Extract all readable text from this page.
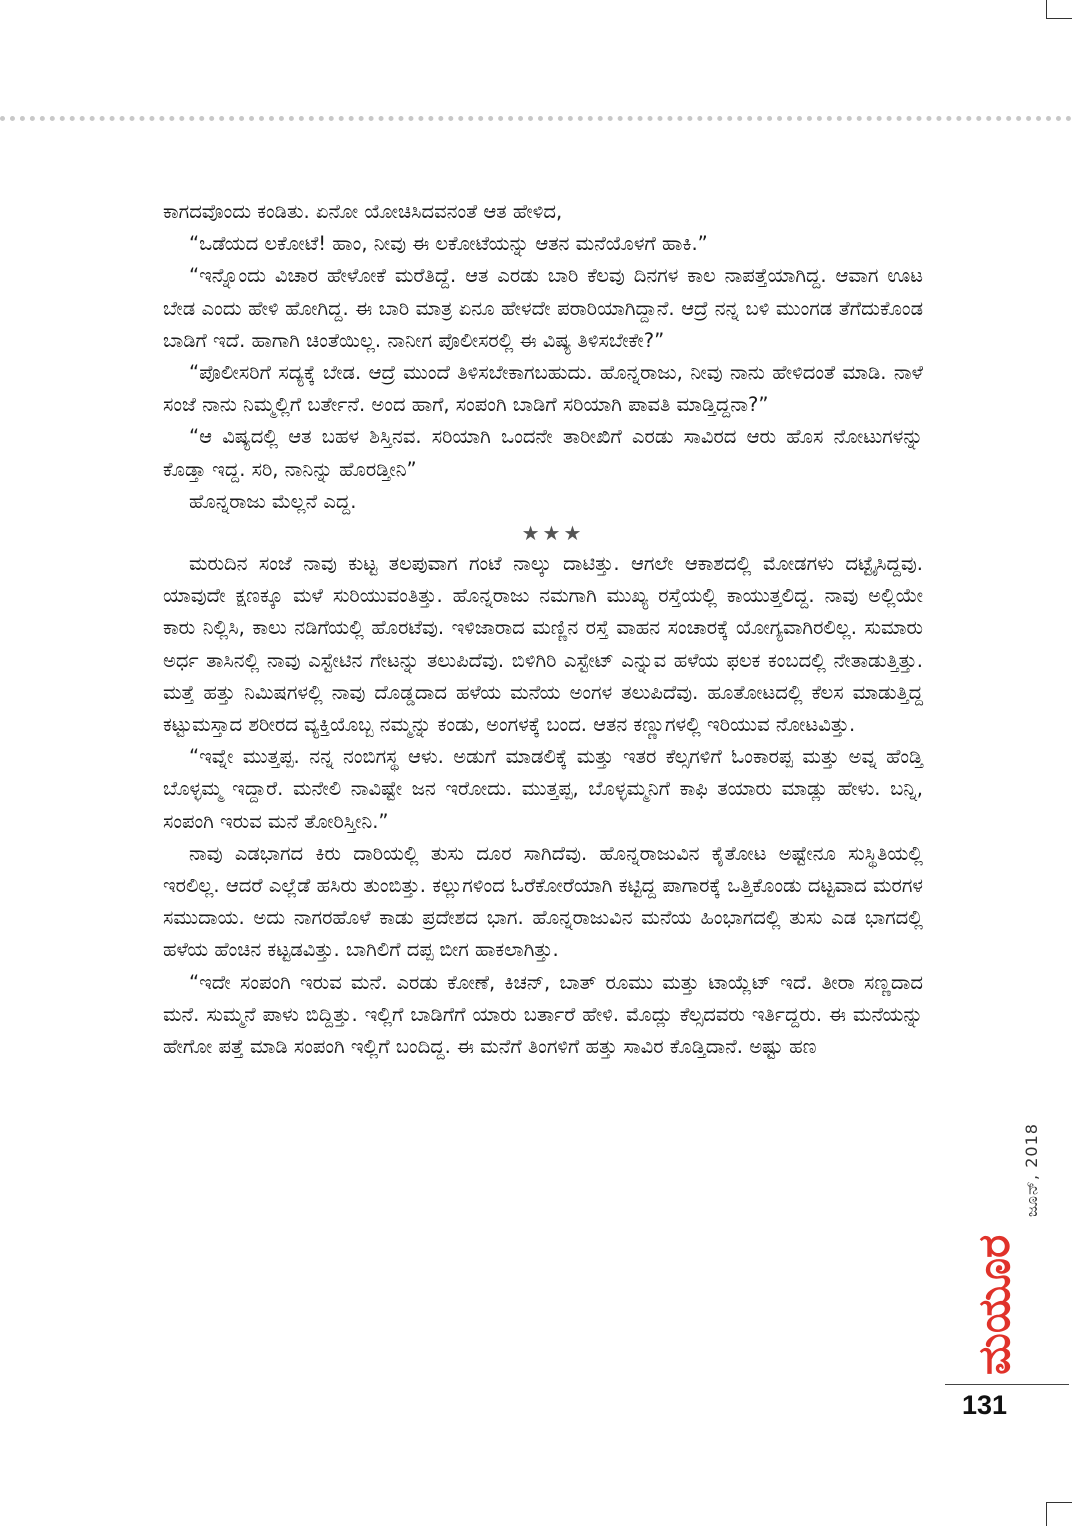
ಕಾಗದವೊಂದು ಕಂಡಿತು. ಏನೋ ಯೋಚಿಸಿದವನಂತೆ ಆತ ಹೇಳಿದ,

“ಒಡೆಯದ ಲಕೋಟೆ! ಹಾಂ, ನೀವು ಈ ಲಕೋಟೆಯನ್ನು ಆತನ ಮನೆಯೊಳಗೆ ಹಾಕಿ.”

“ಇನ್ನೊಂದು ವಿಚಾರ ಹೇಳೋಕೆ ಮರೆತಿದ್ದೆ. ಆತ ಎರಡು ಬಾರಿ ಕೆಲವು ದಿನಗಳ ಕಾಲ ನಾಪತ್ತೆಯಾಗಿದ್ದ. ಆವಾಗ ಊಟ ಬೇಡ ಎಂದು ಹೇಳಿ ಹೋಗಿದ್ದ. ಈ ಬಾರಿ ಮಾತ್ರ ಏನೂ ಹೇಳದೇ ಪರಾರಿಯಾಗಿದ್ದಾನೆ. ಆದ್ರೆ ನನ್ನ ಬಳಿ ಮುಂಗಡ ತೆಗೆದುಕೊಂಡ ಬಾಡಿಗೆ ಇದೆ. ಹಾಗಾಗಿ ಚಿಂತೆಯಿಲ್ಲ. ನಾನೀಗ ಪೊಲೀಸರಲ್ಲಿ ಈ ವಿಷ್ಯ ತಿಳಿಸಬೇಕೇ?”

“ಪೊಲೀಸರಿಗೆ ಸದ್ಯಕ್ಕೆ ಬೇಡ. ಆದ್ರೆ ಮುಂದೆ ತಿಳಿಸಬೇಕಾಗಬಹುದು. ಹೊನ್ನರಾಜು, ನೀವು ನಾನು ಹೇಳಿದಂತೆ ಮಾಡಿ. ನಾಳೆ ಸಂಜೆ ನಾನು ನಿಮ್ಮಲ್ಲಿಗೆ ಬರ್ತೇನೆ. ಅಂದ ಹಾಗೆ, ಸಂಪಂಗಿ ಬಾಡಿಗೆ ಸರಿಯಾಗಿ ಪಾವತಿ ಮಾಡ್ತಿದ್ದನಾ?”

“ಆ ವಿಷ್ಯದಲ್ಲಿ ಆತ ಬಹಳ ಶಿಸ್ತಿನವ. ಸರಿಯಾಗಿ ಒಂದನೇ ತಾರೀಖಿಗೆ ಎರಡು ಸಾವಿರದ ಆರು ಹೊಸ ನೋಟುಗಳನ್ನು ಕೊಡ್ತಾ ಇದ್ದ. ಸರಿ, ನಾನಿನ್ನು ಹೊರಡ್ತೀನಿ”

ಹೊನ್ನರಾಜು ಮೆಲ್ಲನೆ ಎದ್ದ.

★★★

ಮರುದಿನ ಸಂಜೆ ನಾವು ಕುಟ್ಟ ತಲಪುವಾಗ ಗಂಟೆ ನಾಲ್ಕು ದಾಟಿತ್ತು. ಆಗಲೇ ಆಕಾಶದಲ್ಲಿ ಮೋಡಗಳು ದಟ್ಟೈಸಿದ್ದವು. ಯಾವುದೇ ಕ್ಷಣಕ್ಕೂ ಮಳೆ ಸುರಿಯುವಂತಿತ್ತು. ಹೊನ್ನರಾಜು ನಮಗಾಗಿ ಮುಖ್ಯ ರಸ್ತೆಯಲ್ಲಿ ಕಾಯುತ್ತಲಿದ್ದ. ನಾವು ಅಲ್ಲಿಯೇ ಕಾರು ನಿಲ್ಲಿಸಿ, ಕಾಲು ನಡಿಗೆಯಲ್ಲಿ ಹೊರಟೆವು. ಇಳಿಜಾರಾದ ಮಣ್ಣಿನ ರಸ್ತೆ ವಾಹನ ಸಂಚಾರಕ್ಕೆ ಯೋಗ್ಯವಾಗಿರಲಿಲ್ಲ. ಸುಮಾರು ಅರ್ಧ ತಾಸಿನಲ್ಲಿ ನಾವು ಎಸ್ಟೇಟಿನ ಗೇಟನ್ನು ತಲುಪಿದೆವು. ಬಿಳಿಗಿರಿ ಎಸ್ಟೇಟ್ ಎನ್ನುವ ಹಳೆಯ ಫಲಕ ಕಂಬದಲ್ಲಿ ನೇತಾಡುತ್ತಿತ್ತು. ಮತ್ತೆ ಹತ್ತು ನಿಮಿಷಗಳಲ್ಲಿ ನಾವು ದೊಡ್ಡದಾದ ಹಳೆಯ ಮನೆಯ ಅಂಗಳ ತಲುಪಿದೆವು. ಹೂತೋಟದಲ್ಲಿ ಕೆಲಸ ಮಾಡುತ್ತಿದ್ದ ಕಟ್ಟುಮಸ್ತಾದ ಶರೀರದ ವ್ಯಕ್ತಿಯೊಬ್ಬ ನಮ್ಮನ್ನು ಕಂಡು, ಅಂಗಳಕ್ಕೆ ಬಂದ. ಆತನ ಕಣ್ಣುಗಳಲ್ಲಿ ಇರಿಯುವ ನೋಟವಿತ್ತು.

“ಇವ್ನೇ ಮುತ್ತಪ್ಪ. ನನ್ನ ನಂಬಿಗಸ್ಥ ಆಳು. ಅಡುಗೆ ಮಾಡಲಿಕ್ಕೆ ಮತ್ತು ಇತರ ಕೆಲ್ಸಗಳಿಗೆ ಓಂಕಾರಪ್ಪ ಮತ್ತು ಅವ್ನ ಹೆಂಡ್ತಿ ಬೊಳ್ಳಮ್ಮ ಇದ್ದಾರೆ. ಮನೇಲಿ ನಾವಿಷ್ಟೇ ಜನ ಇರೋದು. ಮುತ್ತಪ್ಪ, ಬೊಳ್ಳಮ್ಮನಿಗೆ ಕಾಫಿ ತಯಾರು ಮಾಡ್ಲು ಹೇಳು. ಬನ್ನಿ, ಸಂಪಂಗಿ ಇರುವ ಮನೆ ತೋರಿಸ್ತೀನಿ.”

ನಾವು ಎಡಭಾಗದ ಕಿರು ದಾರಿಯಲ್ಲಿ ತುಸು ದೂರ ಸಾಗಿದೆವು. ಹೊನ್ನರಾಜುವಿನ ಕೈತೋಟ ಅಷ್ಟೇನೂ ಸುಸ್ಥಿತಿಯಲ್ಲಿ ಇರಲಿಲ್ಲ. ಆದರೆ ಎಲ್ಲೆಡೆ ಹಸಿರು ತುಂಬಿತ್ತು. ಕಲ್ಲುಗಳಿಂದ ಓರೆಕೋರೆಯಾಗಿ ಕಟ್ಟಿದ್ದ ಪಾಗಾರಕ್ಕೆ ಒತ್ತಿಕೊಂಡು ದಟ್ಟವಾದ ಮರಗಳ ಸಮುದಾಯ. ಅದು ನಾಗರಹೊಳೆ ಕಾಡು ಪ್ರದೇಶದ ಭಾಗ. ಹೊನ್ನರಾಜುವಿನ ಮನೆಯ ಹಿಂಭಾಗದಲ್ಲಿ ತುಸು ಎಡ ಭಾಗದಲ್ಲಿ ಹಳೆಯ ಹೆಂಚಿನ ಕಟ್ಟಡವಿತ್ತು. ಬಾಗಿಲಿಗೆ ದಪ್ಪ ಬೀಗ ಹಾಕಲಾಗಿತ್ತು.

“ಇದೇ ಸಂಪಂಗಿ ಇರುವ ಮನೆ. ಎರಡು ಕೋಣೆ, ಕಿಚನ್, ಬಾತ್ ರೂಮು ಮತ್ತು ಟಾಯ್ಲೆಟ್ ಇದೆ. ತೀರಾ ಸಣ್ಣದಾದ ಮನೆ. ಸುಮ್ಮನೆ ಪಾಳು ಬಿದ್ದಿತ್ತು. ಇಲ್ಲಿಗೆ ಬಾಡಿಗೆಗೆ ಯಾರು ಬರ್ತಾರೆ ಹೇಳಿ. ಮೊದ್ಲು ಕೆಲ್ಸದವರು ಇರ್ತಿದ್ದರು. ಈ ಮನೆಯನ್ನು ಹೇಗೋ ಪತ್ತೆ ಮಾಡಿ ಸಂಪಂಗಿ ಇಲ್ಲಿಗೆ ಬಂದಿದ್ದ. ಈ ಮನೆಗೆ ತಿಂಗಳಿಗೆ ಹತ್ತು ಸಾವಿರ ಕೊಡ್ತಿದಾನೆ. ಅಷ್ಟು ಹಣ

ಮಯೂರ
ಜೂನ್, 2018
131
